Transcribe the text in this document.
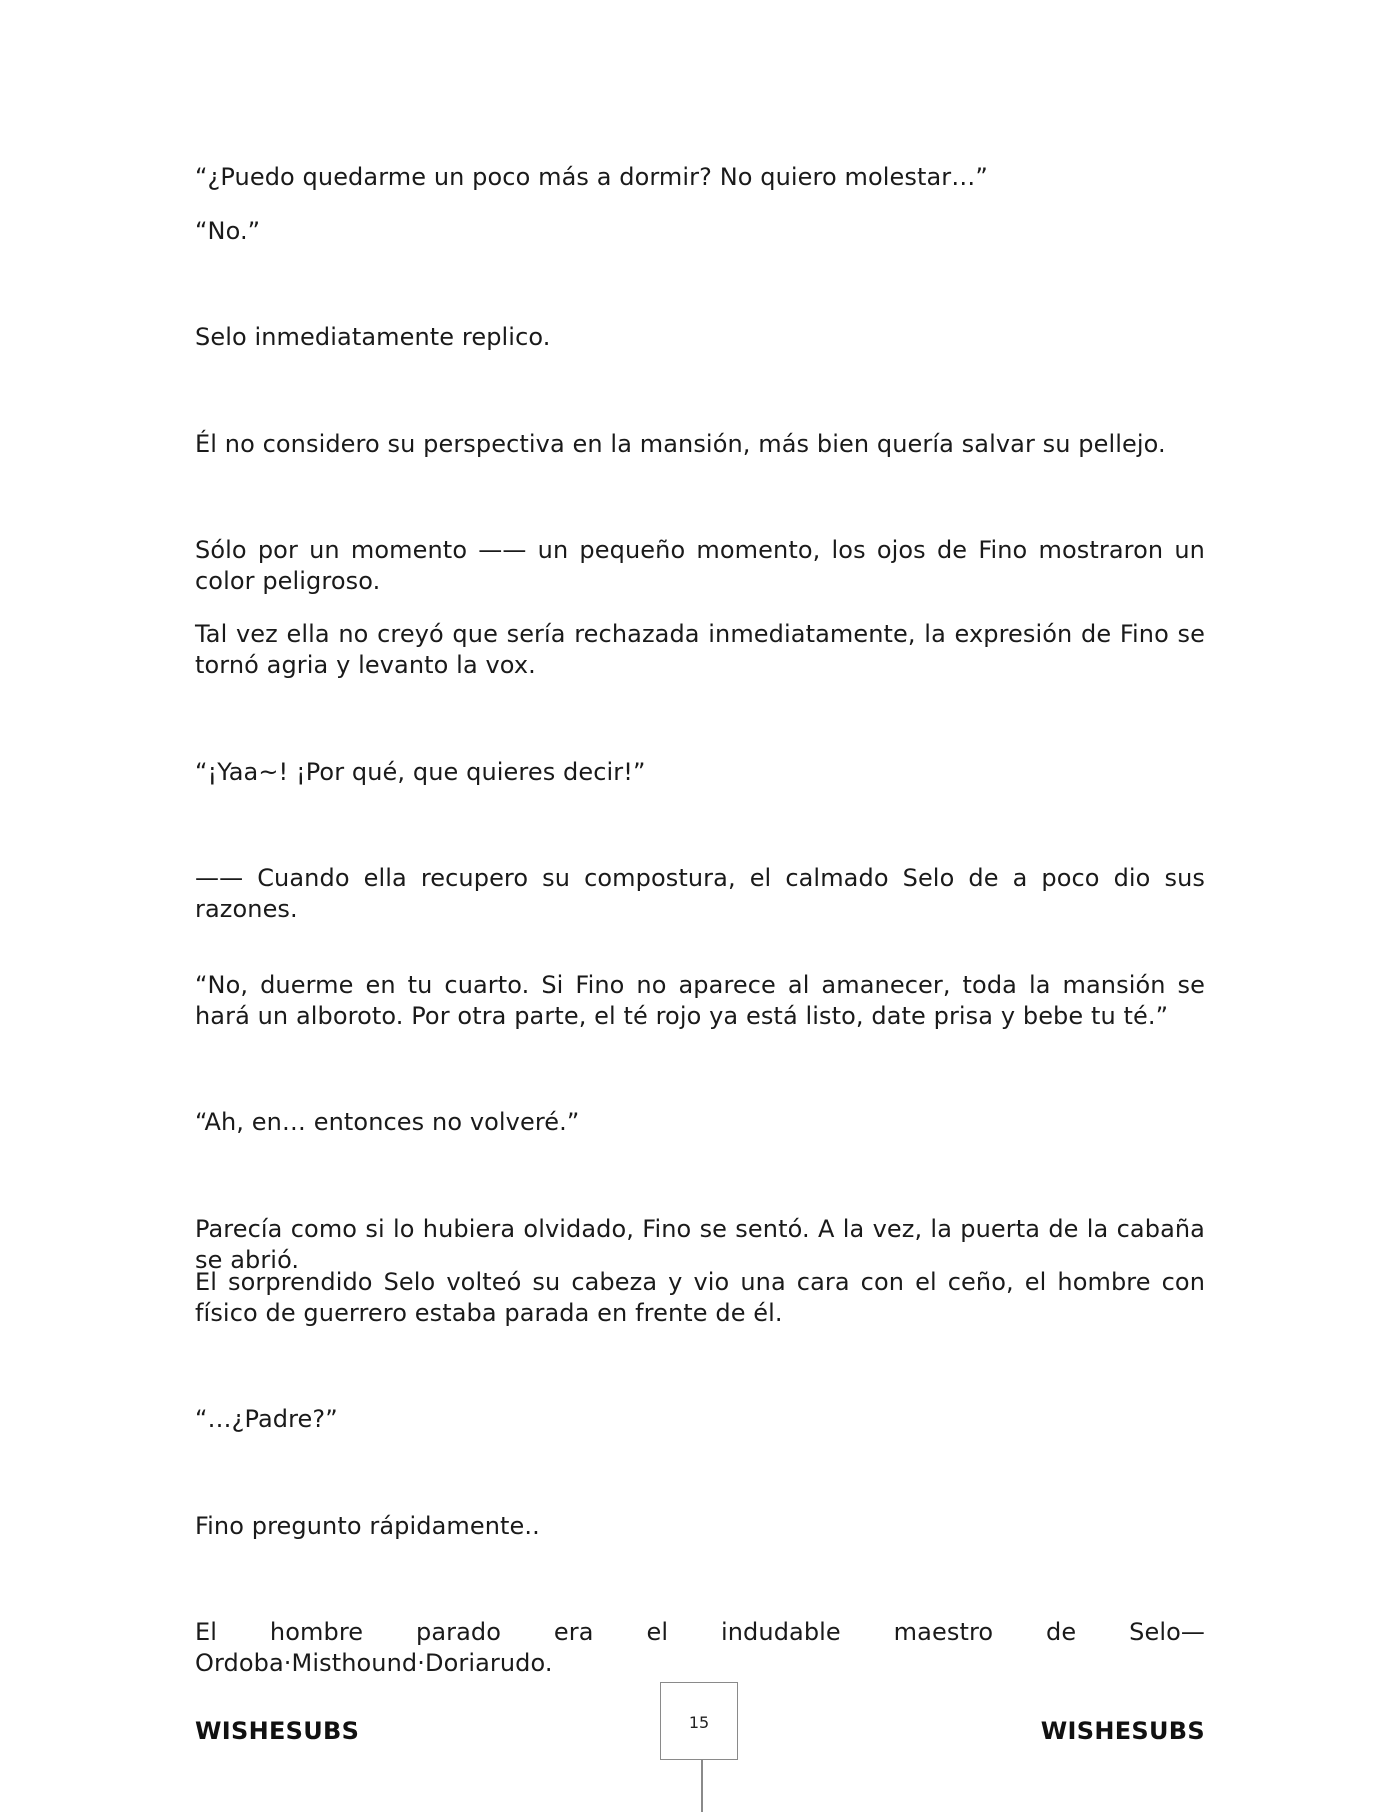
“¿Puedo quedarme un poco más a dormir? No quiero molestar…”

“No.”

Selo inmediatamente replico.

Él no considero su perspectiva en la mansión, más bien quería salvar su pellejo.

Sólo por un momento —— un pequeño momento, los ojos de Fino mostraron un color peligroso.

Tal vez ella no creyó que sería rechazada inmediatamente, la expresión de Fino se tornó agria y levanto la vox.

“¡Yaa~! ¡Por qué, que quieres decir!”

—— Cuando ella recupero su compostura, el calmado Selo de a poco dio sus razones.

“No, duerme en tu cuarto. Si Fino no aparece al amanecer, toda la mansión se hará un alboroto. Por otra parte, el té rojo ya está listo, date prisa y bebe tu té.”

“Ah, en… entonces no volveré.”

Parecía como si lo hubiera olvidado, Fino se sentó. A la vez, la puerta de la cabaña se abrió.

El sorprendido Selo volteó su cabeza y vio una cara con el ceño, el hombre con físico de guerrero estaba parada en frente de él.

“…¿Padre?”

Fino pregunto rápidamente..

El hombre parado era el indudable maestro de Selo— Ordoba·Misthound·Doriarudo.

WISHESUBS	WISHESUBS
15
